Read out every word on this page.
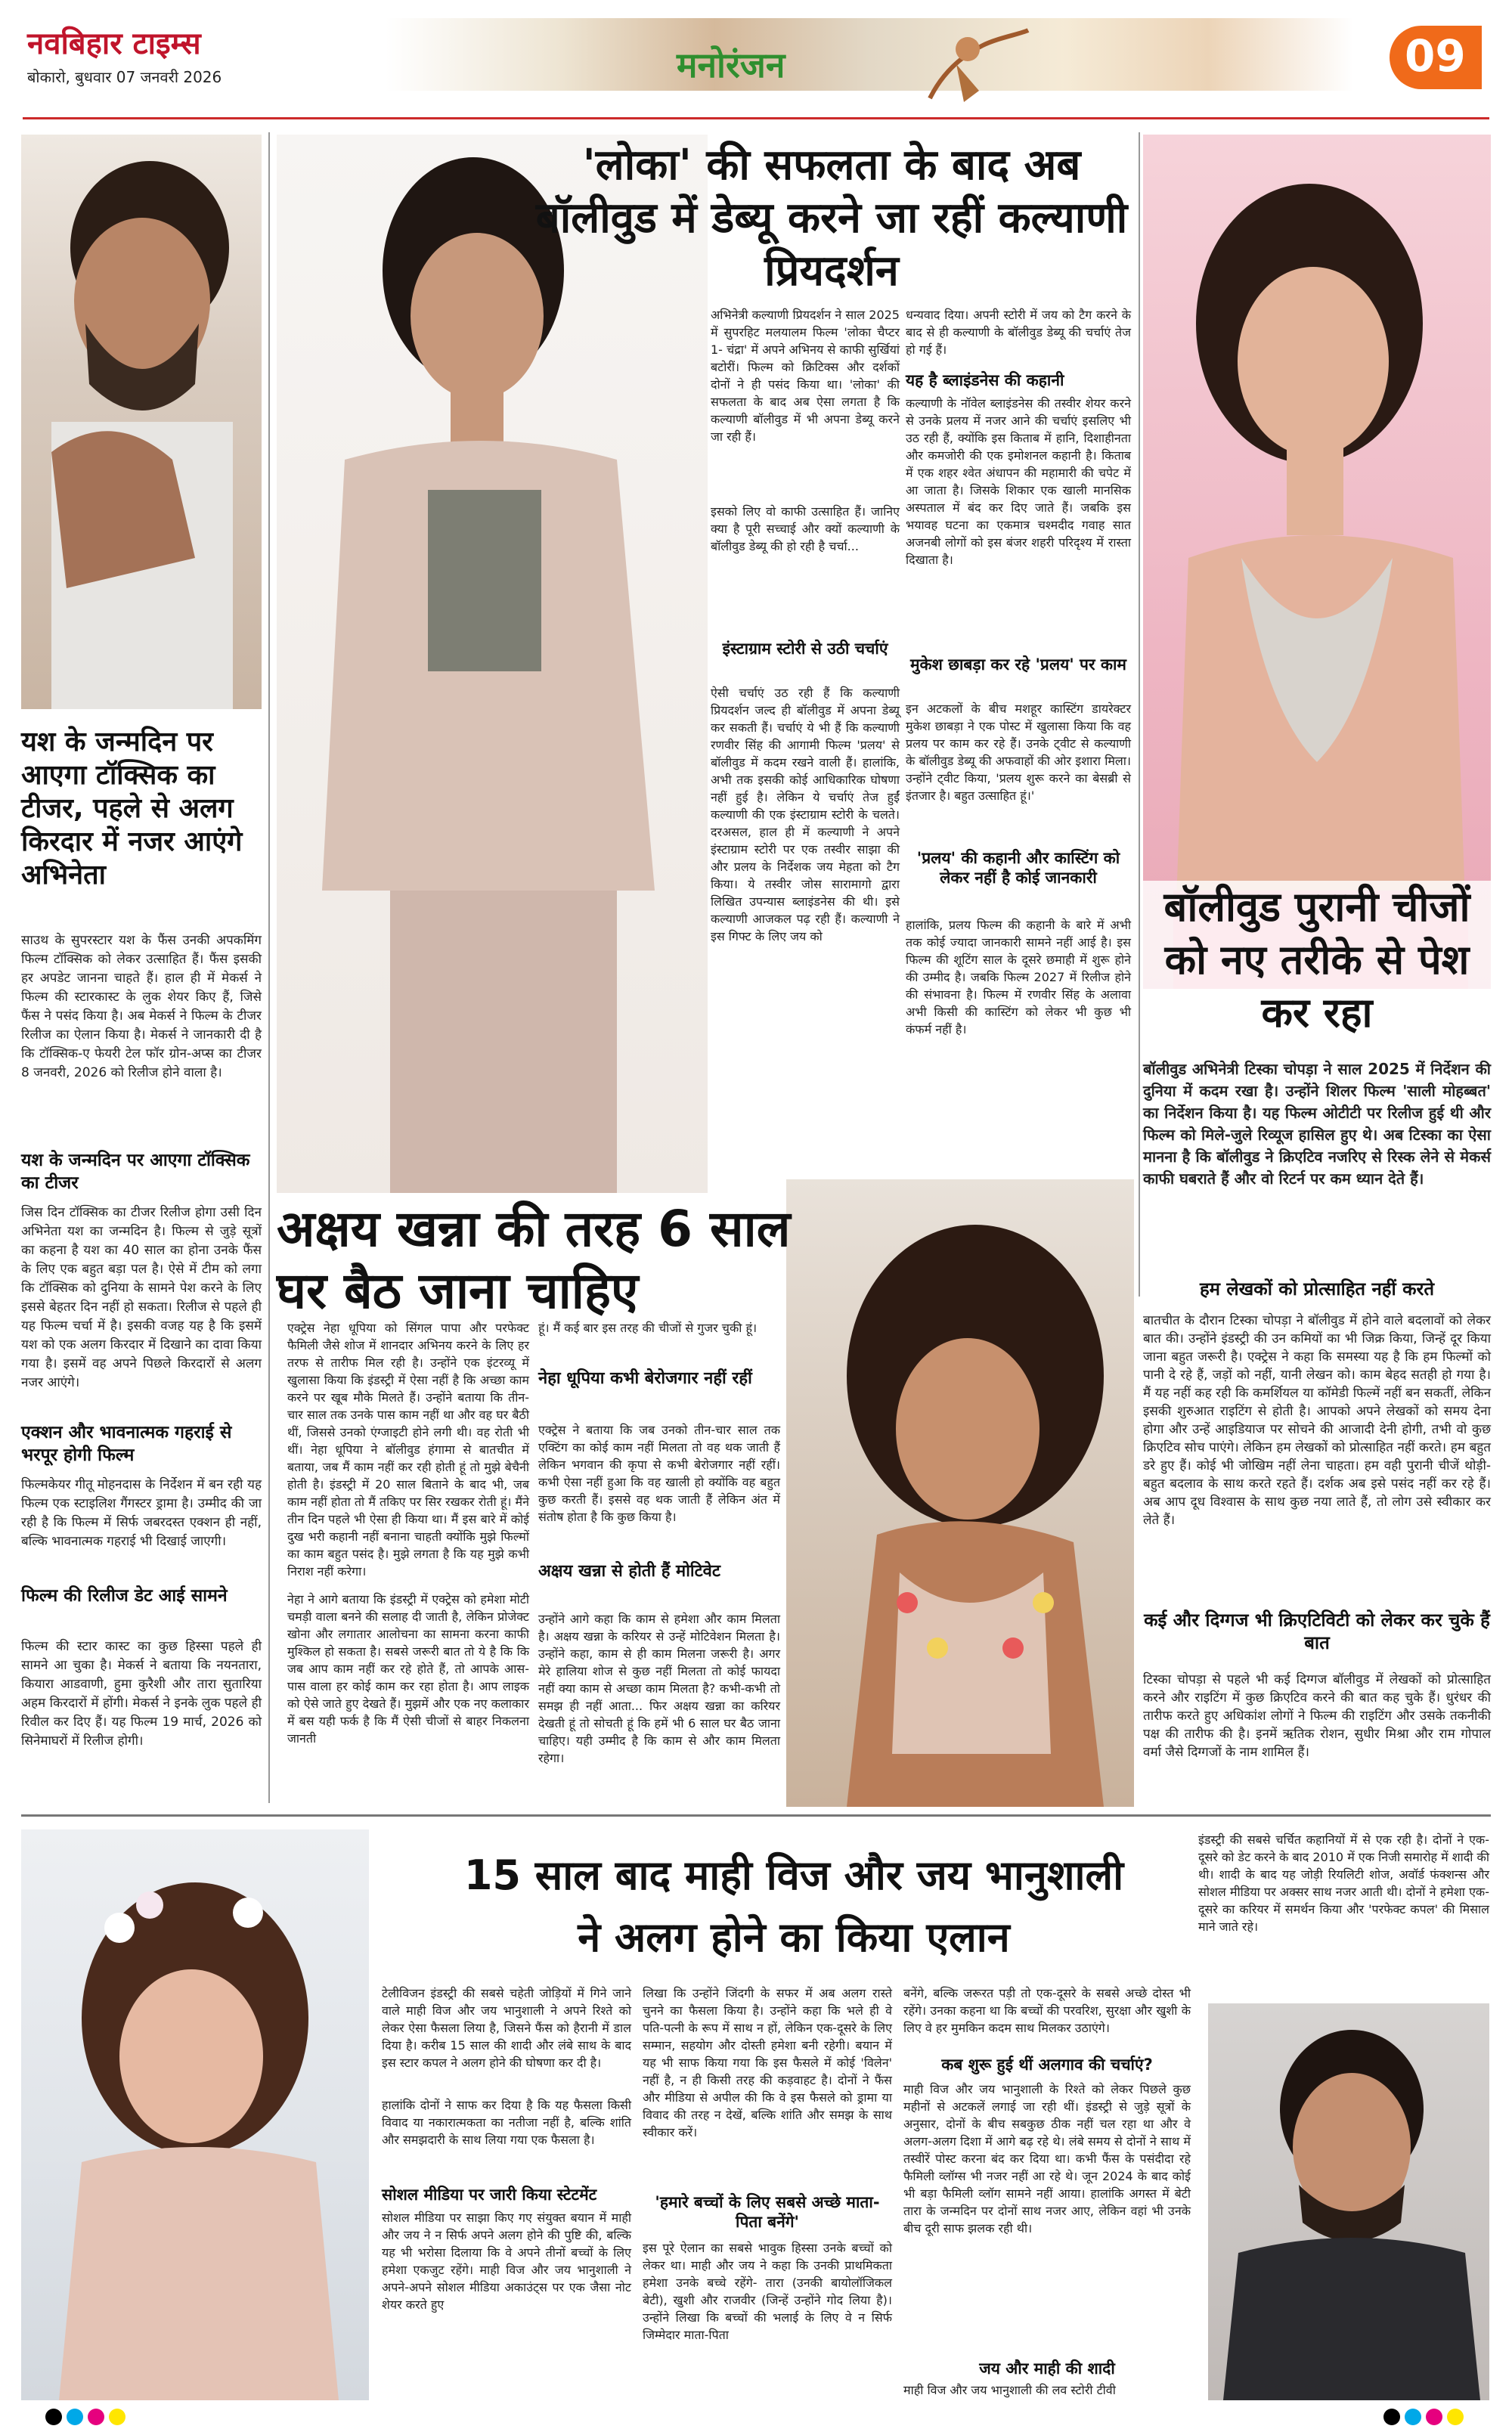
नवबिहार टाइम्स
बोकारो, बुधवार 07 जनवरी 2026	मनोरंजन	09
यश के जन्मदिन पर आएगा टॉक्सिक का टीजर, पहले से अलग किरदार में नजर आएंगे अभिनेता
साउथ के सुपरस्टार यश के फैंस उनकी अपकमिंग फिल्म टॉक्सिक को लेकर उत्साहित हैं। फैंस इसकी हर अपडेट जानना चाहते हैं। हाल ही में मेकर्स ने फिल्म की स्टारकास्ट के लुक शेयर किए हैं, जिसे फैंस ने पसंद किया है। अब मेकर्स ने फिल्म के टीजर रिलीज का ऐलान किया है। मेकर्स ने जानकारी दी है कि टॉक्सिक-ए फेयरी टेल फॉर ग्रोन-अप्स का टीजर 8 जनवरी, 2026 को रिलीज होने वाला है।
यश के जन्मदिन पर आएगा टॉक्सिक का टीजर
जिस दिन टॉक्सिक का टीजर रिलीज होगा उसी दिन अभिनेता यश का जन्मदिन है। फिल्म से जुड़े सूत्रों का कहना है यश का 40 साल का होना उनके फैंस के लिए एक बहुत बड़ा पल है। ऐसे में टीम को लगा कि टॉक्सिक को दुनिया के सामने पेश करने के लिए इससे बेहतर दिन नहीं हो सकता। रिलीज से पहले ही यह फिल्म चर्चा में है। इसकी वजह यह है कि इसमें यश को एक अलग किरदार में दिखाने का दावा किया गया है। इसमें वह अपने पिछले किरदारों से अलग नजर आएंगे।
एक्शन और भावनात्मक गहराई से भरपूर होगी फिल्म
फिल्मकेयर गीतू मोहनदास के निर्देशन में बन रही यह फिल्म एक स्टाइलिश गैंगस्टर ड्रामा है। उम्मीद की जा रही है कि फिल्म में सिर्फ जबरदस्त एक्शन ही नहीं, बल्कि भावनात्मक गहराई भी दिखाई जाएगी।
फिल्म की रिलीज डेट आई सामने
फिल्म की स्टार कास्ट का कुछ हिस्सा पहले ही सामने आ चुका है। मेकर्स ने बताया कि नयनतारा, कियारा आडवाणी, हुमा कुरैशी और तारा सुतारिया अहम किरदारों में होंगी। मेकर्स ने इनके लुक पहले ही रिवील कर दिए हैं। यह फिल्म 19 मार्च, 2026 को सिनेमाघरों में रिलीज होगी।
'लोका' की सफलता के बाद अब बॉलीवुड में डेब्यू करने जा रहीं कल्याणी प्रियदर्शन
अभिनेत्री कल्याणी प्रियदर्शन ने साल 2025 में सुपरहिट मलयालम फिल्म 'लोका चैप्टर 1- चंद्रा' में अपने अभिनय से काफी सुर्खियां बटोरीं। फिल्म को क्रिटिक्स और दर्शकों दोनों ने ही पसंद किया था। 'लोका' की सफलता के बाद अब ऐसा लगता है कि कल्याणी बॉलीवुड में भी अपना डेब्यू करने जा रही हैं।
इसको लिए वो काफी उत्साहित हैं। जानिए क्या है पूरी सच्चाई और क्यों कल्याणी के बॉलीवुड डेब्यू की हो रही है चर्चा...
इंस्टाग्राम स्टोरी से उठी चर्चाएं
ऐसी चर्चाएं उठ रही हैं कि कल्याणी प्रियदर्शन जल्द ही बॉलीवुड में अपना डेब्यू कर सकती हैं। चर्चाएं ये भी हैं कि कल्याणी रणवीर सिंह की आगामी फिल्म 'प्रलय' से बॉलीवुड में कदम रखने वाली हैं। हालांकि, अभी तक इसकी कोई आधिकारिक घोषणा नहीं हुई है। लेकिन ये चर्चाएं तेज हुईं कल्याणी की एक इंस्टाग्राम स्टोरी के चलते। दरअसल, हाल ही में कल्याणी ने अपने इंस्टाग्राम स्टोरी पर एक तस्वीर साझा की और प्रलय के निर्देशक जय मेहता को टैग किया। ये तस्वीर जोस सारामागो द्वारा लिखित उपन्यास ब्लाइंडनेस की थी। इसे कल्याणी आजकल पढ़ रही हैं। कल्याणी ने इस गिफ्ट के लिए जय को
धन्यवाद दिया। अपनी स्टोरी में जय को टैग करने के बाद से ही कल्याणी के बॉलीवुड डेब्यू की चर्चाएं तेज हो गई हैं।
यह है ब्लाइंडनेस की कहानी
कल्याणी के नॉवेल ब्लाइंडनेस की तस्वीर शेयर करने से उनके प्रलय में नजर आने की चर्चाएं इसलिए भी उठ रही हैं, क्योंकि इस किताब में हानि, दिशाहीनता और कमजोरी की एक इमोशनल कहानी है। किताब में एक शहर श्वेत अंधापन की महामारी की चपेट में आ जाता है। जिसके शिकार एक खाली मानसिक अस्पताल में बंद कर दिए जाते हैं। जबकि इस भयावह घटना का एकमात्र चश्मदीद गवाह सात अजनबी लोगों को इस बंजर शहरी परिदृश्य में रास्ता दिखाता है।
मुकेश छाबड़ा कर रहे 'प्रलय' पर काम
इन अटकलों के बीच मशहूर कास्टिंग डायरेक्टर मुकेश छाबड़ा ने एक पोस्ट में खुलासा किया कि वह प्रलय पर काम कर रहे हैं। उनके ट्वीट से कल्याणी के बॉलीवुड डेब्यू की अफवाहों की ओर इशारा मिला। उन्होंने ट्वीट किया, 'प्रलय शुरू करने का बेसब्री से इंतजार है। बहुत उत्साहित हूं।'
'प्रलय' की कहानी और कास्टिंग को लेकर नहीं है कोई जानकारी
हालांकि, प्रलय फिल्म की कहानी के बारे में अभी तक कोई ज्यादा जानकारी सामने नहीं आई है। इस फिल्म की शूटिंग साल के दूसरे छमाही में शुरू होने की उम्मीद है। जबकि फिल्म 2027 में रिलीज होने की संभावना है। फिल्म में रणवीर सिंह के अलावा अभी किसी की कास्टिंग को लेकर भी कुछ भी कंफर्म नहीं है।
बॉलीवुड पुरानी चीजों को नए तरीके से पेश कर रहा
बॉलीवुड अभिनेत्री टिस्का चोपड़ा ने साल 2025 में निर्देशन की दुनिया में कदम रखा है। उन्होंने शिलर फिल्म 'साली मोहब्बत' का निर्देशन किया है। यह फिल्म ओटीटी पर रिलीज हुई थी और फिल्म को मिले-जुले रिव्यूज हासिल हुए थे। अब टिस्का का ऐसा मानना है कि बॉलीवुड ने क्रिएटिव नजरिए से रिस्क लेने से मेकर्स काफी घबराते हैं और वो रिटर्न पर कम ध्यान देते हैं।
हम लेखकों को प्रोत्साहित नहीं करते
बातचीत के दौरान टिस्का चोपड़ा ने बॉलीवुड में होने वाले बदलावों को लेकर बात की। उन्होंने इंडस्ट्री की उन कमियों का भी जिक्र किया, जिन्हें दूर किया जाना बहुत जरूरी है। एक्ट्रेस ने कहा कि समस्या यह है कि हम फिल्मों को पानी दे रहे हैं, जड़ों को नहीं, यानी लेखन को। काम बेहद सतही हो गया है। मैं यह नहीं कह रही कि कमर्शियल या कॉमेडी फिल्में नहीं बन सकतीं, लेकिन इसकी शुरुआत राइटिंग से होती है। आपको अपने लेखकों को समय देना होगा और उन्हें आइडियाज पर सोचने की आजादी देनी होगी, तभी वो कुछ क्रिएटिव सोच पाएंगे। लेकिन हम लेखकों को प्रोत्साहित नहीं करते। हम बहुत डरे हुए हैं। कोई भी जोखिम नहीं लेना चाहता। हम वही पुरानी चीजें थोड़ी-बहुत बदलाव के साथ करते रहते हैं। दर्शक अब इसे पसंद नहीं कर रहे हैं। अब आप दूध विश्वास के साथ कुछ नया लाते हैं, तो लोग उसे स्वीकार कर लेते हैं।
कई और दिग्गज भी क्रिएटिविटी को लेकर कर चुके हैं बात
टिस्का चोपड़ा से पहले भी कई दिग्गज बॉलीवुड में लेखकों को प्रोत्साहित करने और राइटिंग में कुछ क्रिएटिव करने की बात कह चुके हैं। धुरंधर की तारीफ करते हुए अधिकांश लोगों ने फिल्म की राइटिंग और उसके तकनीकी पक्ष की तारीफ की है। इनमें ऋतिक रोशन, सुधीर मिश्रा और राम गोपाल वर्मा जैसे दिग्गजों के नाम शामिल हैं।
अक्षय खन्ना की तरह 6 साल घर बैठ जाना चाहिए
एक्ट्रेस नेहा धूपिया को सिंगल पापा और परफेक्ट फैमिली जैसे शोज में शानदार अभिनय करने के लिए हर तरफ से तारीफ मिल रही है। उन्होंने एक इंटरव्यू में खुलासा किया कि इंडस्ट्री में ऐसा नहीं है कि अच्छा काम करने पर खूब मौके मिलते हैं। उन्होंने बताया कि तीन-चार साल तक उनके पास काम नहीं था और वह घर बैठी थीं, जिससे उनको एंग्जाइटी होने लगी थी। वह रोती भी थीं। नेहा धूपिया ने बॉलीवुड हंगामा से बातचीत में बताया, जब मैं काम नहीं कर रही होती हूं तो मुझे बेचैनी होती है। इंडस्ट्री में 20 साल बिताने के बाद भी, जब काम नहीं होता तो मैं तकिए पर सिर रखकर रोती हूं। मैंने तीन दिन पहले भी ऐसा ही किया था। मैं इस बारे में कोई दुख भरी कहानी नहीं बनाना चाहती क्योंकि मुझे फिल्मों का काम बहुत पसंद है। मुझे लगता है कि यह मुझे कभी निराश नहीं करेगा।
नेहा ने आगे बताया कि इंडस्ट्री में एक्ट्रेस को हमेशा मोटी चमड़ी वाला बनने की सलाह दी जाती है, लेकिन प्रोजेक्ट खोना और लगातार आलोचना का सामना करना काफी मुश्किल हो सकता है। सबसे जरूरी बात तो ये है कि कि जब आप काम नहीं कर रहे होते हैं, तो आपके आस-पास वाला हर कोई काम कर रहा होता है। आप लाइक को ऐसे जाते हुए देखते हैं। मुझमें और एक नए कलाकार में बस यही फर्क है कि मैं ऐसी चीजों से बाहर निकलना जानती
हूं। मैं कई बार इस तरह की चीजों से गुजर चुकी हूं।
नेहा धूपिया कभी बेरोजगार नहीं रहीं
एक्ट्रेस ने बताया कि जब उनको तीन-चार साल तक एक्टिंग का कोई काम नहीं मिलता तो वह थक जाती हैं लेकिन भगवान की कृपा से कभी बेरोजगार नहीं रहीं। कभी ऐसा नहीं हुआ कि वह खाली हो क्योंकि वह बहुत कुछ करती हैं। इससे वह थक जाती हैं लेकिन अंत में संतोष होता है कि कुछ किया है।
अक्षय खन्ना से होती हैं मोटिवेट
उन्होंने आगे कहा कि काम से हमेशा और काम मिलता है। अक्षय खन्ना के करियर से उन्हें मोटिवेशन मिलता है। उन्होंने कहा, काम से ही काम मिलना जरूरी है। अगर मेरे हालिया शोज से कुछ नहीं मिलता तो कोई फायदा नहीं क्या काम से अच्छा काम मिलता है? कभी-कभी तो समझ ही नहीं आता... फिर अक्षय खन्ना का करियर देखती हूं तो सोचती हूं कि हमें भी 6 साल घर बैठ जाना चाहिए। यही उम्मीद है कि काम से और काम मिलता रहेगा।
15 साल बाद माही विज और जय भानुशाली
ने अलग होने का किया एलान
टेलीविजन इंडस्ट्री की सबसे चहेती जोड़ियों में गिने जाने वाले माही विज और जय भानुशाली ने अपने रिश्ते को लेकर ऐसा फैसला लिया है, जिसने फैंस को हैरानी में डाल दिया है। करीब 15 साल की शादी और लंबे साथ के बाद इस स्टार कपल ने अलग होने की घोषणा कर दी है।
हालांकि दोनों ने साफ कर दिया है कि यह फैसला किसी विवाद या नकारात्मकता का नतीजा नहीं है, बल्कि शांति और समझदारी के साथ लिया गया एक फैसला है।
सोशल मीडिया पर जारी किया स्टेटमेंट
सोशल मीडिया पर साझा किए गए संयुक्त बयान में माही और जय ने न सिर्फ अपने अलग होने की पुष्टि की, बल्कि यह भी भरोसा दिलाया कि वे अपने तीनों बच्चों के लिए हमेशा एकजुट रहेंगे। माही विज और जय भानुशाली ने अपने-अपने सोशल मीडिया अकाउंट्स पर एक जैसा नोट शेयर करते हुए
लिखा कि उन्होंने जिंदगी के सफर में अब अलग रास्ते चुनने का फैसला किया है। उन्होंने कहा कि भले ही वे पति-पत्नी के रूप में साथ न हों, लेकिन एक-दूसरे के लिए सम्मान, सहयोग और दोस्ती हमेशा बनी रहेगी। बयान में यह भी साफ किया गया कि इस फैसले में कोई 'विलेन' नहीं है, न ही किसी तरह की कड़वाहट है। दोनों ने फैंस और मीडिया से अपील की कि वे इस फैसले को ड्रामा या विवाद की तरह न देखें, बल्कि शांति और समझ के साथ स्वीकार करें।
'हमारे बच्चों के लिए सबसे अच्छे माता-पिता बनेंगे'
इस पूरे ऐलान का सबसे भावुक हिस्सा उनके बच्चों को लेकर था। माही और जय ने कहा कि उनकी प्राथमिकता हमेशा उनके बच्चे रहेंगे- तारा (उनकी बायोलॉजिकल बेटी), खुशी और राजवीर (जिन्हें उन्होंने गोद लिया है)। उन्होंने लिखा कि बच्चों की भलाई के लिए वे न सिर्फ जिम्मेदार माता-पिता
बनेंगे, बल्कि जरूरत पड़ी तो एक-दूसरे के सबसे अच्छे दोस्त भी रहेंगे। उनका कहना था कि बच्चों की परवरिश, सुरक्षा और खुशी के लिए वे हर मुमकिन कदम साथ मिलकर उठाएंगे।
कब शुरू हुई थीं अलगाव की चर्चाएं?
माही विज और जय भानुशाली के रिश्ते को लेकर पिछले कुछ महीनों से अटकलें लगाई जा रही थीं। इंडस्ट्री से जुड़े सूत्रों के अनुसार, दोनों के बीच सबकुछ ठीक नहीं चल रहा था और वे अलग-अलग दिशा में आगे बढ़ रहे थे। लंबे समय से दोनों ने साथ में तस्वीरें पोस्ट करना बंद कर दिया था। कभी फैंस के पसंदीदा रहे फैमिली व्लॉग्स भी नजर नहीं आ रहे थे। जून 2024 के बाद कोई भी बड़ा फैमिली व्लॉग सामने नहीं आया। हालांकि अगस्त में बेटी तारा के जन्मदिन पर दोनों साथ नजर आए, लेकिन वहां भी उनके बीच दूरी साफ झलक रही थी।
जय और माही की शादी
माही विज और जय भानुशाली की लव स्टोरी टीवी
इंडस्ट्री की सबसे चर्चित कहानियों में से एक रही है। दोनों ने एक-दूसरे को डेट करने के बाद 2010 में एक निजी समारोह में शादी की थी। शादी के बाद यह जोड़ी रियलिटी शोज, अवॉर्ड फंक्शन्स और सोशल मीडिया पर अक्सर साथ नजर आती थी। दोनों ने हमेशा एक-दूसरे का करियर में समर्थन किया और 'परफेक्ट कपल' की मिसाल माने जाते रहे।
